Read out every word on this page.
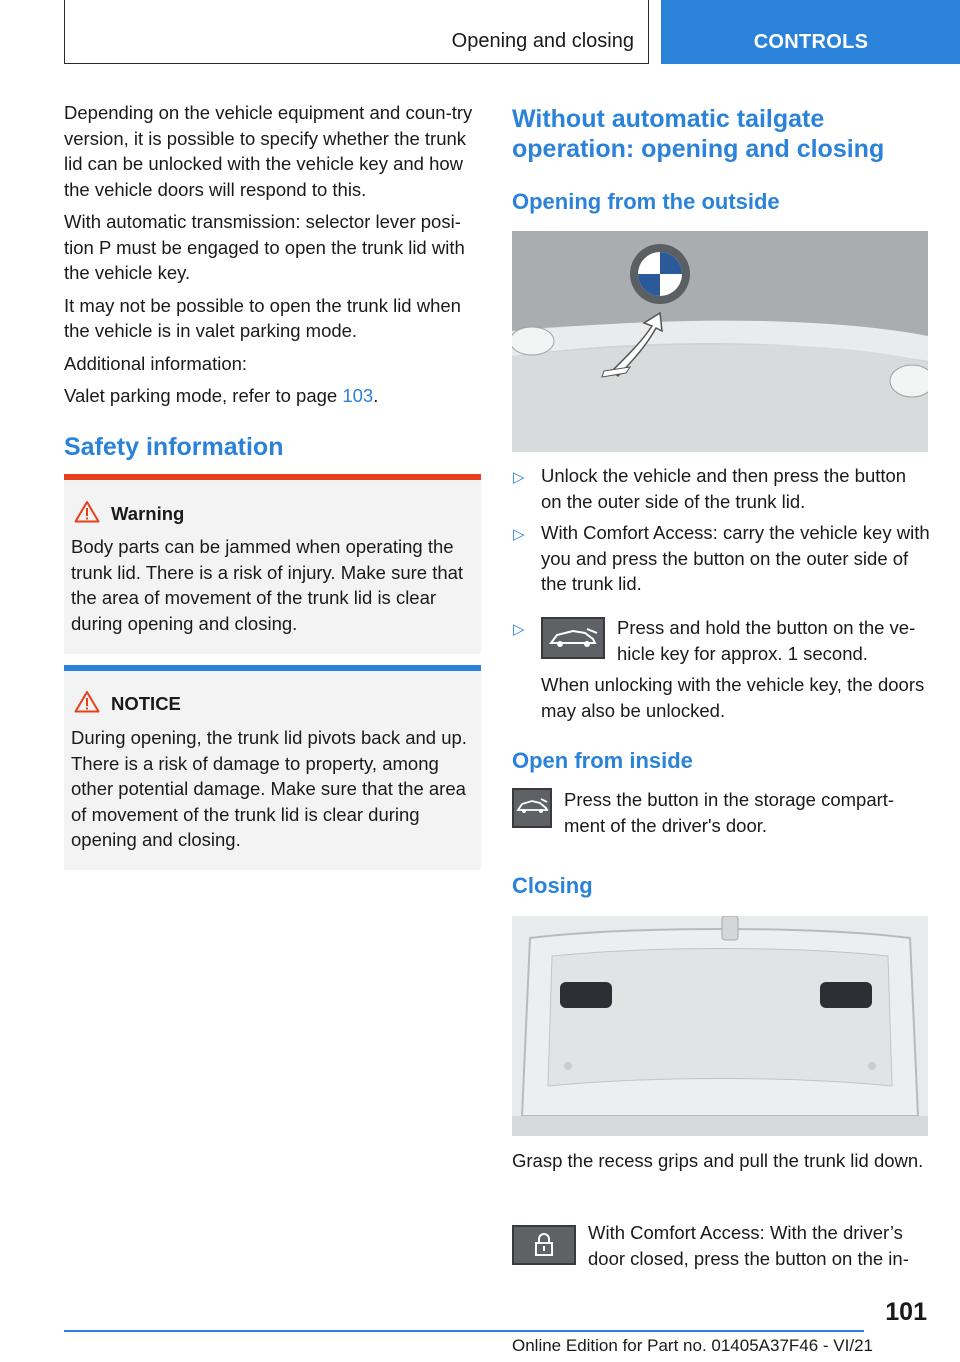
Opening and closing	CONTROLS

Depending on the vehicle equipment and coun-try version, it is possible to specify whether the trunk lid can be unlocked with the vehicle key and how the vehicle doors will respond to this.

With automatic transmission: selector lever posi-tion P must be engaged to open the trunk lid with the vehicle key.

It may not be possible to open the trunk lid when the vehicle is in valet parking mode.

Additional information:

Valet parking mode, refer to page 103.

Safety information
Warning
Body parts can be jammed when operating the trunk lid. There is a risk of injury. Make sure that the area of movement of the trunk lid is clear during opening and closing.
NOTICE
During opening, the trunk lid pivots back and up. There is a risk of damage to property, among other potential damage. Make sure that the area of movement of the trunk lid is clear during opening and closing.
Without automatic tailgate operation: opening and closing
Opening from the outside
▷ Unlock the vehicle and then press the button on the outer side of the trunk lid.
▷ With Comfort Access: carry the vehicle key with you and press the button on the outer side of the trunk lid.
▷	Press and hold the button on the ve-hicle key for approx. 1 second.
When unlocking with the vehicle key, the doors may also be unlocked.
Open from inside
Press the button in the storage compart-ment of the driver's door.
Closing
Grasp the recess grips and pull the trunk lid down.
With Comfort Access: With the driver’s door closed, press the button on the in-
101
Online Edition for Part no. 01405A37F46 - VI/21
